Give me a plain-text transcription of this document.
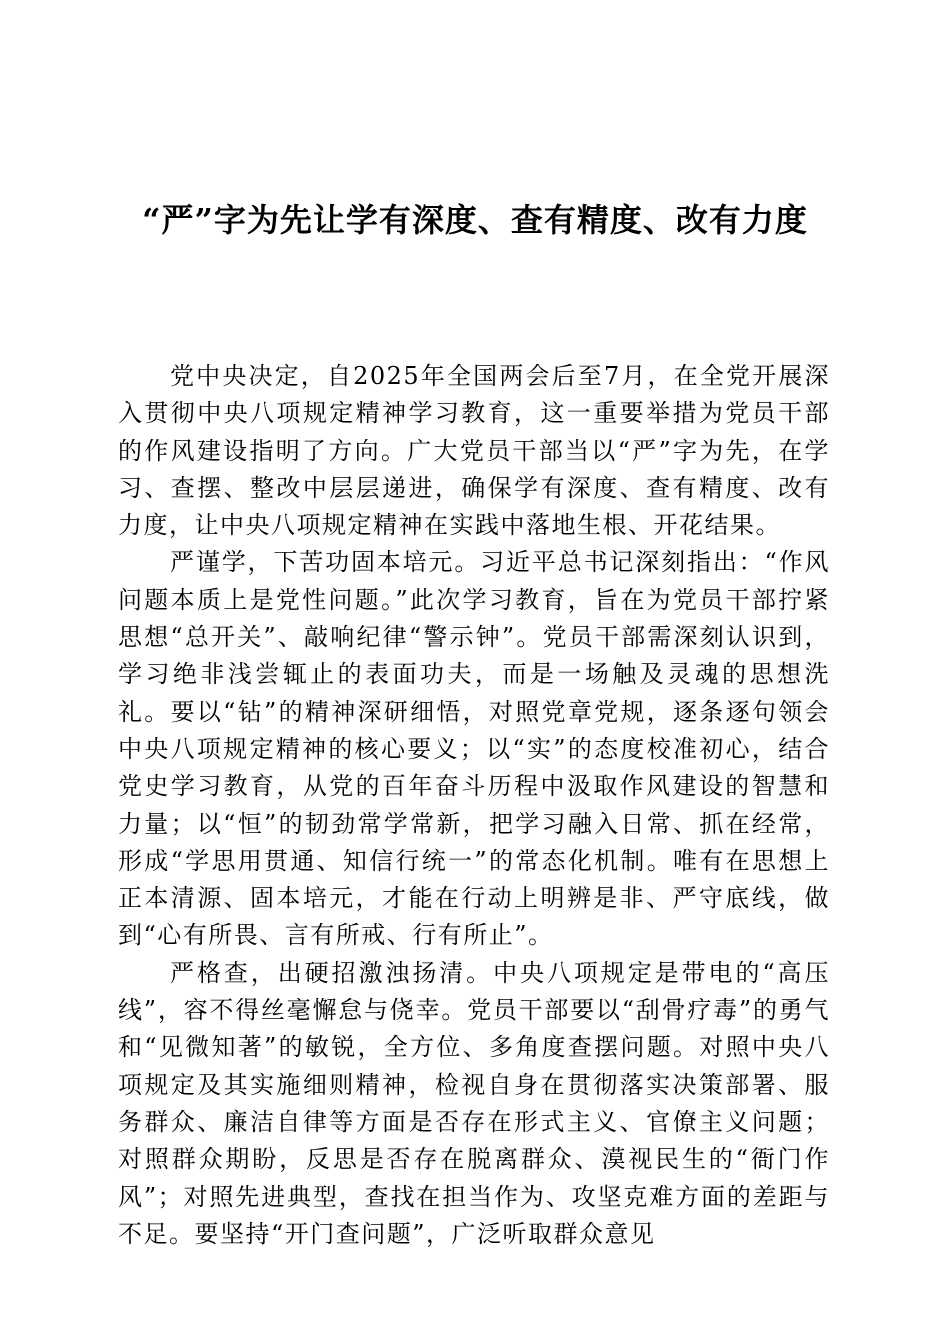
“严”字为先让学有深度、查有精度、改有力度

党中央决定，自2025年全国两会后至7月，在全党开展深入贯彻中央八项规定精神学习教育，这一重要举措为党员干部的作风建设指明了方向。广大党员干部当以“严”字为先，在学习、查摆、整改中层层递进，确保学有深度、查有精度、改有力度，让中央八项规定精神在实践中落地生根、开花结果。

严谨学，下苦功固本培元。习近平总书记深刻指出：“作风问题本质上是党性问题。”此次学习教育，旨在为党员干部拧紧思想“总开关”、敲响纪律“警示钟”。党员干部需深刻认识到，学习绝非浅尝辄止的表面功夫，而是一场触及灵魂的思想洗礼。要以“钻”的精神深研细悟，对照党章党规，逐条逐句领会中央八项规定精神的核心要义；以“实”的态度校准初心，结合党史学习教育，从党的百年奋斗历程中汲取作风建设的智慧和力量；以“恒”的韧劲常学常新，把学习融入日常、抓在经常，形成“学思用贯通、知信行统一”的常态化机制。唯有在思想上正本清源、固本培元，才能在行动上明辨是非、严守底线，做到“心有所畏、言有所戒、行有所止”。

严格查，出硬招激浊扬清。中央八项规定是带电的“高压线”，容不得丝毫懈怠与侥幸。党员干部要以“刮骨疗毒”的勇气和“见微知著”的敏锐，全方位、多角度查摆问题。对照中央八项规定及其实施细则精神，检视自身在贯彻落实决策部署、服务群众、廉洁自律等方面是否存在形式主义、官僚主义问题；对照群众期盼，反思是否存在脱离群众、漠视民生的“衙门作风”；对照先进典型，查找在担当作为、攻坚克难方面的差距与不足。要坚持“开门查问题”，广泛听取群众意见
